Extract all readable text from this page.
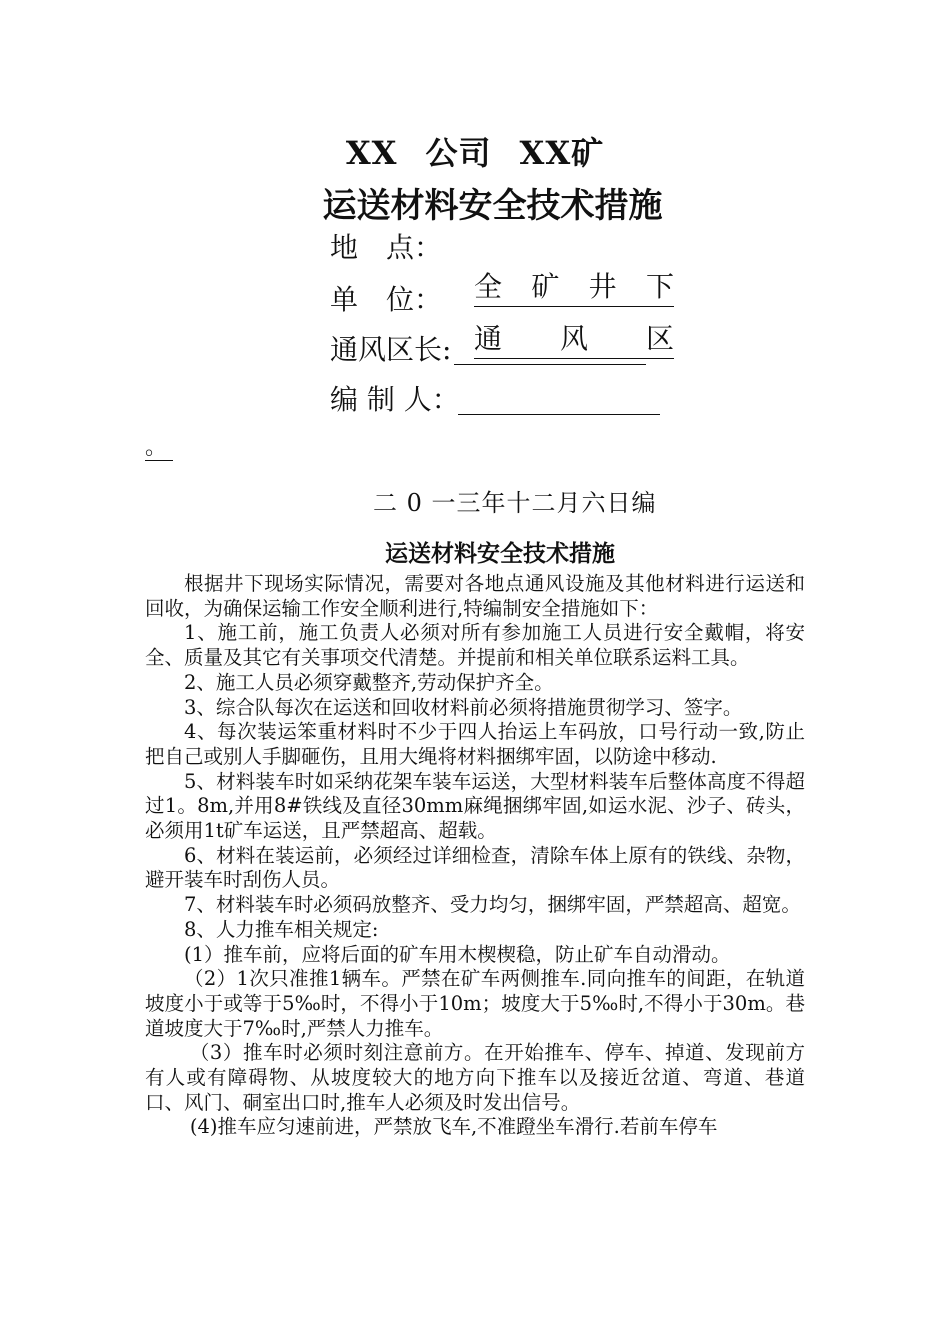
XX 公司 XX矿
运送材料安全技术措施
地　点：
全 矿 井 下
单　位：
通 风 区
通风区长:
编 制 人：
。
二 0 一三年十二月六日编
运送材料安全技术措施

根据井下现场实际情况，需要对各地点通风设施及其他材料进行运送和回收，为确保运输工作安全顺利进行,特编制安全措施如下：

1、施工前，施工负责人必须对所有参加施工人员进行安全戴帽，将安全、质量及其它有关事项交代清楚。并提前和相关单位联系运料工具。

2、施工人员必须穿戴整齐,劳动保护齐全。

3、综合队每次在运送和回收材料前必须将措施贯彻学习、签字。

4、每次装运笨重材料时不少于四人抬运上车码放，口号行动一致,防止把自己或别人手脚砸伤，且用大绳将材料捆绑牢固，以防途中移动.

5、材料装车时如采纳花架车装车运送，大型材料装车后整体高度不得超过1。8m,并用8#铁线及直径30mm麻绳捆绑牢固,如运水泥、沙子、砖头，必须用1t矿车运送，且严禁超高、超载。

6、材料在装运前，必须经过详细检查，清除车体上原有的铁线、杂物，避开装车时刮伤人员。

7、材料装车时必须码放整齐、受力均匀，捆绑牢固，严禁超高、超宽。

8、人力推车相关规定:

(1）推车前，应将后面的矿车用木楔楔稳，防止矿车自动滑动。

（2）1次只准推1辆车。严禁在矿车两侧推车.同向推车的间距，在轨道坡度小于或等于5‰时，不得小于10m；坡度大于5‰时,不得小于30m。巷道坡度大于7‰时,严禁人力推车。

（3）推车时必须时刻注意前方。在开始推车、停车、掉道、发现前方有人或有障碍物、从坡度较大的地方向下推车以及接近岔道、弯道、巷道口、风门、硐室出口时,推车人必须及时发出信号。

(4)推车应匀速前进，严禁放飞车,不准蹬坐车滑行.若前车停车
